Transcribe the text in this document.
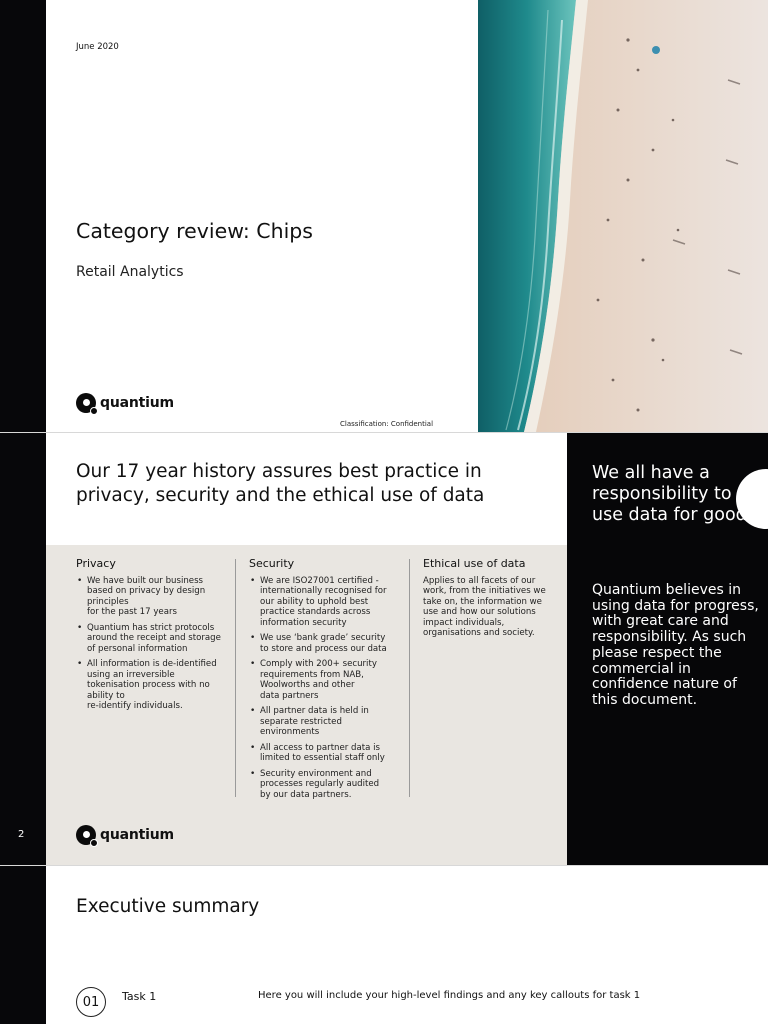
June 2020
Category review: Chips
Retail Analytics
quantium
Classification: Confidential
Our 17 year history assures best practice in privacy, security and the ethical use of data
Privacy
• We have built our business based on privacy by design principles
for the past 17 years
• Quantium has strict protocols around the receipt and storage
of personal information
• All information is de-identified using an irreversible tokenisation process with no ability to
re-identify individuals.
Security
• We are ISO27001 certified - internationally recognised for our ability to uphold best practice standards across information security
• We use ‘bank grade’ security
to store and process our data
• Comply with 200+ security requirements from NAB, Woolworths and other
data partners
• All partner data is held in separate restricted environments
• All access to partner data is limited to essential staff only
• Security environment and processes regularly audited
by our data partners.
Ethical use of data
Applies to all facets of our work, from the initiatives we take on, the information we use and how our solutions impact individuals, organisations and society.
quantium
We all have a responsibility to use data for good
Quantium believes in using data for progress, with great care and responsibility. As such please respect the commercial in confidence nature of this document.
2
Executive summary
01	Task 1	Here you will include your high-level findings and any key callouts for task 1
